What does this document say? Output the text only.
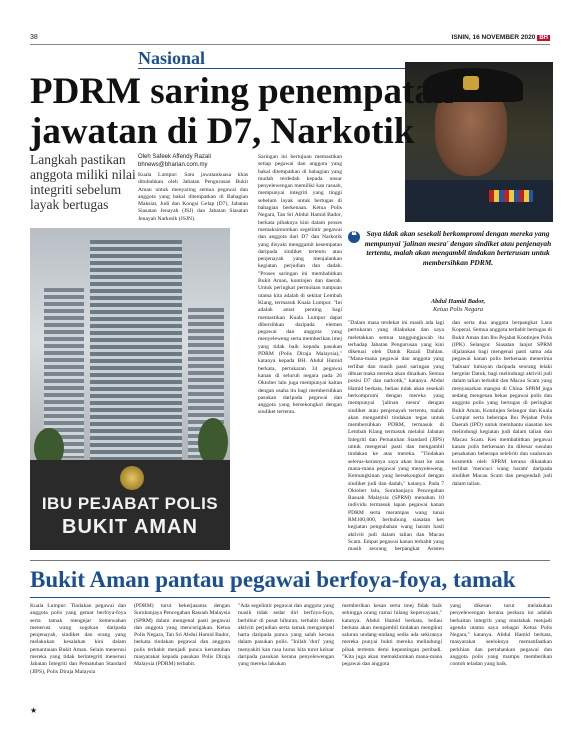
38	ISNIN, 16 NOVEMBER 2020 BH
Nasional
PDRM saring penempatan jawatan di D7, Narkotik
Langkah pastikan anggota miliki nilai integriti sebelum layak bertugas
Oleh Safeek Affendy Razali
bhnews@bharian.com.my
Kuala Lumpur: Satu jawatankuasa khas ditubuhkan oleh Jabatan Pengurusan Bukit Aman untuk menyaring semua pegawai dan anggota yang bakal ditempatkan di Bahagian Maksiat, Judi dan Kongsi Gelap (D7), Jabatan Siasatan Jenayah (JSJ) dan Jabatan Siasatan Jenayah Narkotik (JSJN).
Saringan ini bertujuan memastikan setiap pegawai dan anggota yang bakal ditempatkan di bahagian yang mudah terdedah kepada unsur penyelewengan memiliki kan rasuah, mempunyai integriti yang tinggi sebelum layak untuk bertugas di bahagian berkenaan. Ketua Polis Negara, Tan Sri Abdul Hamid Bador, berkata pihaknya kini dalam proses memaksimumkan segelintir pegawai dan anggota dari D7 dan Narkotik yang disyaki menggamit kesempatan daripada sindiket tertentu atau penjenayah yang menjalankan kegiatan perjudian dan dadah. "Proses saringan ini membabitkan Bukit Aman, kontinjen dan daerah. Untuk peringkat permulaan tumpuan utama kita adalah di sekitar Lembah Klang, termasuk Kuala Lumpur. "Ini adalah amat penting bagi memastikan Kuala Lumpur dapat dibersihkan daripada elemen pegawai dan anggota yang menyeleweng serta memberikan imej yang tidak baik kepada pasukan PDRM (Polis Diraja Malaysia)," katanya kepada BH. Abdul Hamid berkata, pertukaran 34 pegawai kanan di seluruh negara pada 26 Oktober lalu juga mempunyai kaitan dengan usaha itu bagi membersihkan pasukan daripada pegawai dan anggota yang bersekongkol dengan sindiket tertentu.
IBU PEJABAT POLIS
BUKIT AMAN
❝	Saya tidak akan sesekali berkompromi dengan mereka yang mempunyai 'jalinan mesra' dengan sindiket atau penjenayah tertentu, malah akan mengambil tindakan berterusan untuk membersihkan PDRM.
Abdul Hamid Bador,
Ketua Polis Negara
"Dalam masa terdekat ini masih ada lagi pertukaran yang dilakukan dan saya meletakkan semua tanggungjawab itu terhadap Jabatan Pengurusan yang kini diketuai oleh Datuk Razali Dahlan. "Mana-mana pegawai dan anggota yang terlibat dan masih pasti saringan yang dibuat maka mereka akan dinaikan. Semua posisi D7 dan narkotik," katanya. Abdul Hamid berkata, beliau tidak akan sesekali berkompromi dengan mereka yang mempunyai 'jalinan mesra' dengan sindiket atau penjenayah tertentu, malah akan mengambil tindakan tegas untuk membersihkan PDRM, termasuk di Lembah Klang termasuk melalui Jabatan Integriti dan Pematuhan Standard (JIPS) untuk mengenal pasti dan mengambil tindakan ke atas mereka. "Tindakan selerus-kerasnya saya akan buat ke atas mana-mana pegawai yang menyeleweng. Kemungkinan yang bersekongkol dengan sindiket judi dan dadah," katanya. Pada 7 Oktober lalu, Suruhanjaya Pencegahan Rasuah Malaysia (SPRM) menahan 10 individu termasuk lapan pegawai kanan PDRM serta merampas wang tunai RM100,000, berhubung siasatan kes kegiatan pengubahan wang haram hasil aktiviti judi dalam talian dan Macau Scam. Empat pegawai kanan terbabit yang masih seorang berpangkat Asisten
dan serta dua anggota berpangkat Lans Koperal. Semua anggota terbabit bertugas di Bukit Aman dan Ibu Pejabat Kontinjen Polis (IPK) Selangor. Siasatan lanjut SPRM dijalankan bagi mengenal pasti sama ada pegawai kanan polis berkenaan menerima 'habuan' lumayan daripada seorang lelaki bergelar Datuk, bagi melindungi aktiviti judi dalam talian terbabit dan Macau Scam yang menyasarkan mangsa di China. SPRM juga sedang mengesan bekas pegawai polis dan anggota polis yang bertugas di peringkat Bukit Aman, Kontinjen Selangor dan Kuala Lumpur serta beberapa Ibu Pejabat Polis Daerah (IPD) untuk membantu siasatan kes melindungi kegiatan judi dalam talian dan Macau Scam. Kes membabitkan pegawai kanan polis berkenaan itu dibesar susulan penahanan beberapa selebriti dan usahawan kosmetik oleh SPRM kerana dikatakan terlibat 'mencuci wang haram' daripada sindiket Macau Scam dan pengendali judi dalam talian.
Bukit Aman pantau pegawai berfoya-foya, tamak
Kuala Lumpur: Tindakan pegawai dan anggota polis yang gemar berfoya-foya serta tamak mengejar kemewahan menerusi wang sogokan daripada penjenayah, sindiket dan orang yang melakukan kesalahan kini dalam pemantauan Bukit Aman. Selain menerusi mereka yang tidak berintegriti menerusi Jabatan Integriti dan Pematuhan Standard (JIPS), Polis Diraja Malaysia
(PDRM) turut bekerjasama dengan Suruhanjaya Pencegahan Rasuah Malaysia (SPRM) dalam mengenal pasti pegawai dan anggota yang mencurigakan. Ketua Polis Negara, Tan Sri Abdul Hamid Bador, berkata tindakan pegawai dan anggota polis terbabit menjadi punca keruntuhan masyarakat kepada pasukan Polis Diraja Malaysia (PDRM) terbabit.
"Ada segelintir pegawai dan anggota yang masih tidak sedar diri berfoya-foya, berhibur di pusat hiburan, terbabit dalam aktiviti perjudian serta tamak mengumpul harta daripada punca yang salah kerana dalam pasukan polis. "Inilah 'duri' yang menyakiti kan rasa hurus kita turut keluar daripada pasukan kerana penyelewengan yang mereka lakukan
memberikan kesan serta imej fidak baik sehingga orang ramai hilang kepercayaan," katanya. Abdul Hamid berkata, beliau berkata akan mengambil tindakan mengikut saluran undang-undang sedia ada sekiranya mereka punyai bukti mereka melindungi pihak tertentu demi kepentingan peribadi. "Kita juga akan memaklumkan mana-mana pegawai dan anggota
yang dikesan turut melakukan penyelewengan kerana perkara ini adalah berkaitan integriti yang mustahak menjadi agenda utama saya sebagai Ketua Polis Negara," katanya. Abdul Hamid berkata, masyarakat seeloknya memanfaatkan perkhian dan pertahankan pegawai dan anggota polis yang mampu memberikan contoh teladan yang baik.
★
